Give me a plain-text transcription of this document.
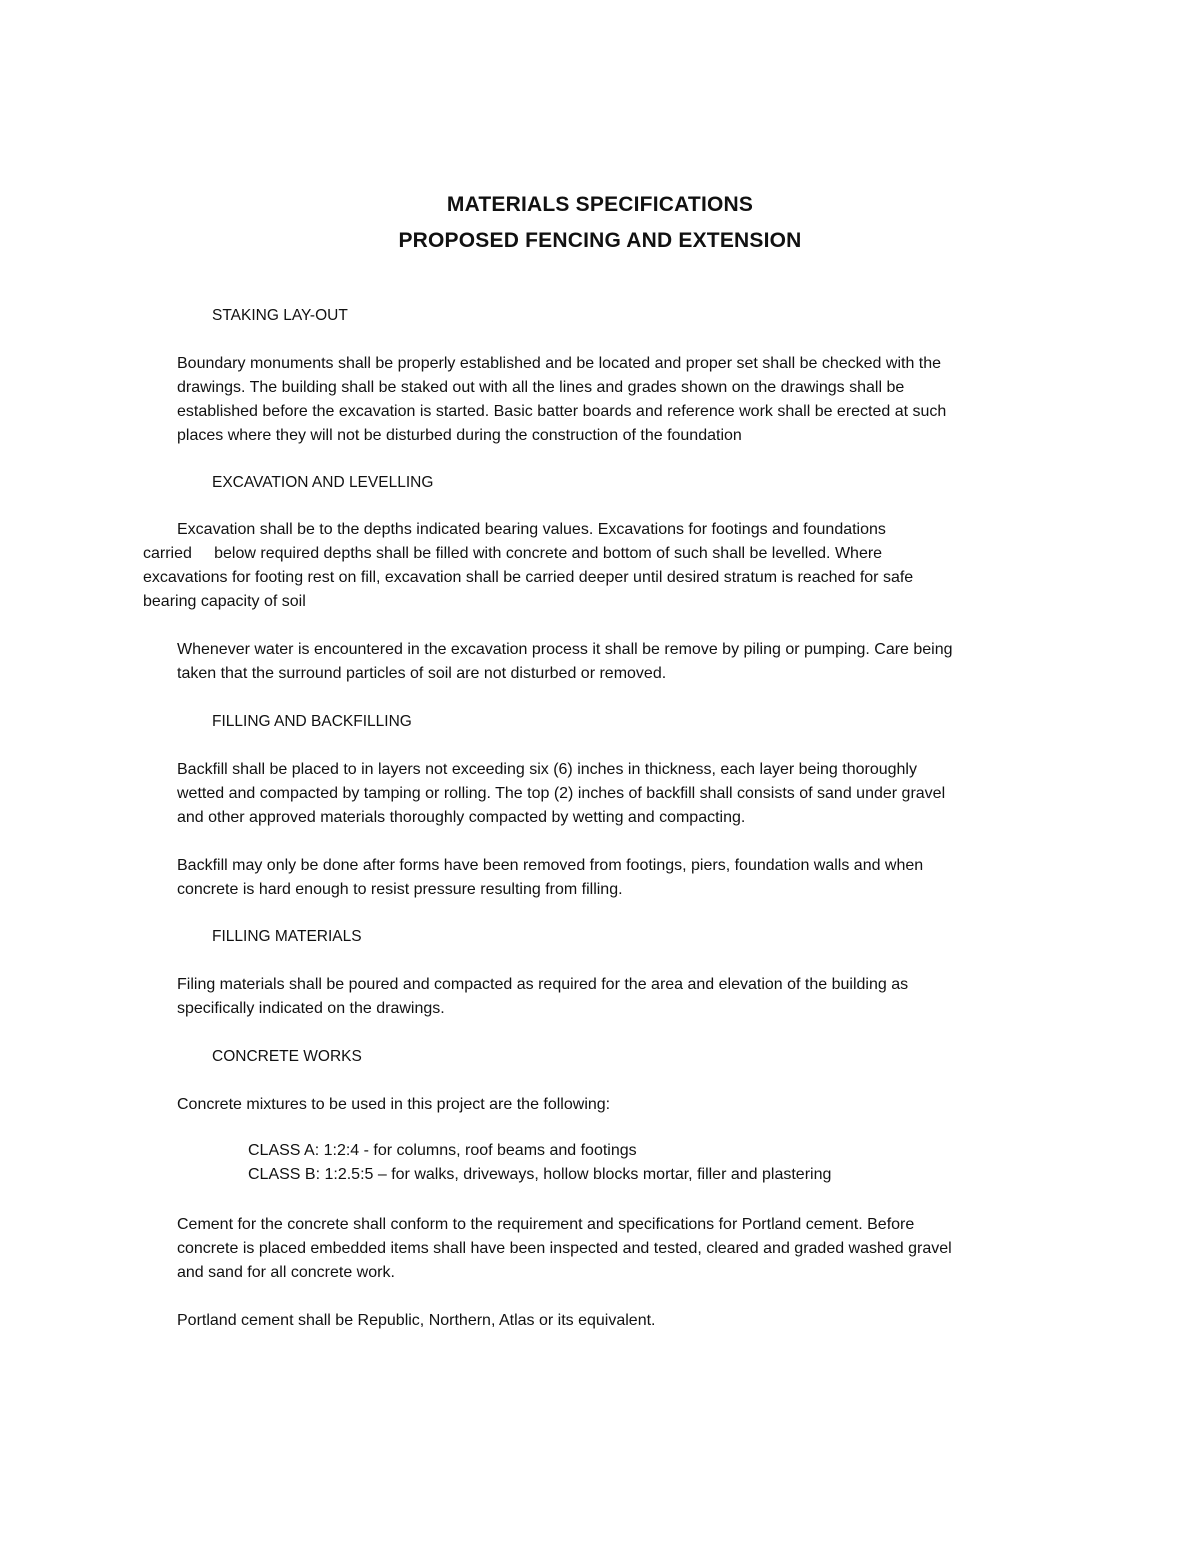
MATERIALS SPECIFICATIONS
PROPOSED FENCING AND EXTENSION
STAKING LAY-OUT
Boundary monuments shall be properly established and be located and proper set shall be checked with the
drawings. The building shall be staked out with all the lines and grades shown on the drawings shall be
established before the excavation is started. Basic batter boards and reference work shall be erected at such
places where they will not be disturbed during the construction of the foundation
EXCAVATION AND LEVELLING
Excavation shall be to the depths indicated bearing values. Excavations for footings and foundations
carried     below required depths shall be filled with concrete and bottom of such shall be levelled. Where
excavations for footing rest on fill, excavation shall be carried deeper until desired stratum is reached for safe
bearing capacity of soil
Whenever water is encountered in the excavation process it shall be remove by piling or pumping. Care being
taken that the surround particles of soil are not disturbed or removed.
FILLING AND BACKFILLING
Backfill shall be placed to in layers not exceeding six (6) inches in thickness, each layer being thoroughly
wetted and compacted by tamping or rolling. The top (2) inches of backfill shall consists of sand under gravel
and other approved materials thoroughly compacted by wetting and compacting.
Backfill may only be done after forms have been removed from footings, piers, foundation walls and when
concrete is hard enough to resist pressure resulting from filling.
FILLING MATERIALS
Filing materials shall be poured and compacted as required for the area and elevation of the building as
specifically indicated on the drawings.
CONCRETE WORKS
Concrete mixtures to be used in this project are the following:
CLASS A: 1:2:4 - for columns, roof beams and footings
CLASS B: 1:2.5:5 – for walks, driveways, hollow blocks mortar, filler and plastering
Cement for the concrete shall conform to the requirement and specifications for Portland cement. Before
concrete is placed embedded items shall have been inspected and tested, cleared and graded washed gravel
and sand for all concrete work.
Portland cement shall be Republic, Northern, Atlas or its equivalent.
